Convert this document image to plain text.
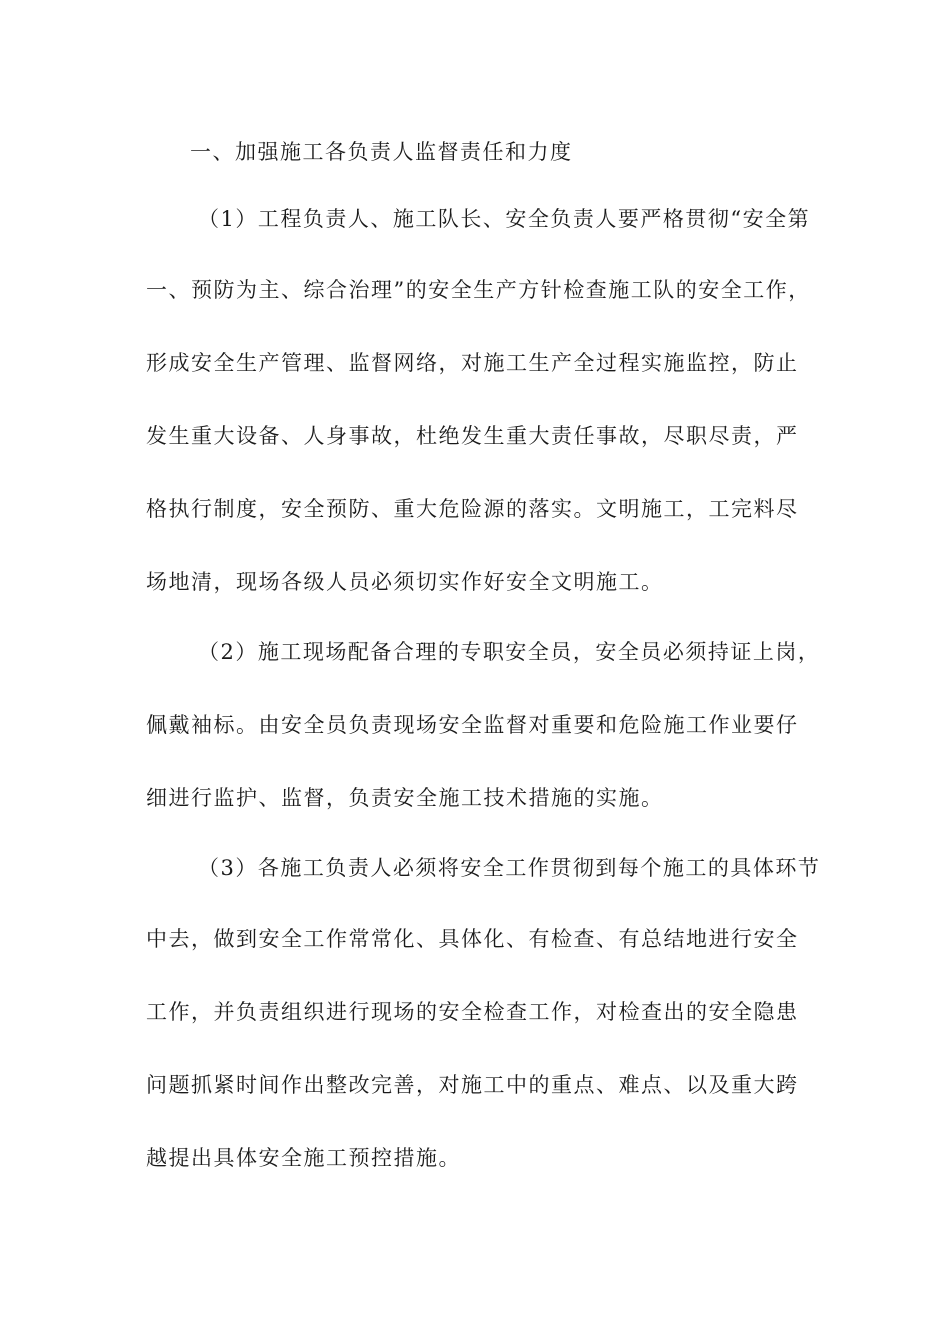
一、加强施工各负责人监督责任和力度
（1）工程负责人、施工队长、安全负责人要严格贯彻“安全第
一、预防为主、综合治理”的安全生产方针检查施工队的安全工作，
形成安全生产管理、监督网络，对施工生产全过程实施监控，防止
发生重大设备、人身事故，杜绝发生重大责任事故，尽职尽责，严
格执行制度，安全预防、重大危险源的落实。文明施工，工完料尽
场地清，现场各级人员必须切实作好安全文明施工。
（2）施工现场配备合理的专职安全员，安全员必须持证上岗，
佩戴袖标。由安全员负责现场安全监督对重要和危险施工作业要仔
细进行监护、监督，负责安全施工技术措施的实施。
（3）各施工负责人必须将安全工作贯彻到每个施工的具体环节
中去，做到安全工作常常化、具体化、有检查、有总结地进行安全
工作，并负责组织进行现场的安全检查工作，对检查出的安全隐患
问题抓紧时间作出整改完善，对施工中的重点、难点、以及重大跨
越提出具体安全施工预控措施。
